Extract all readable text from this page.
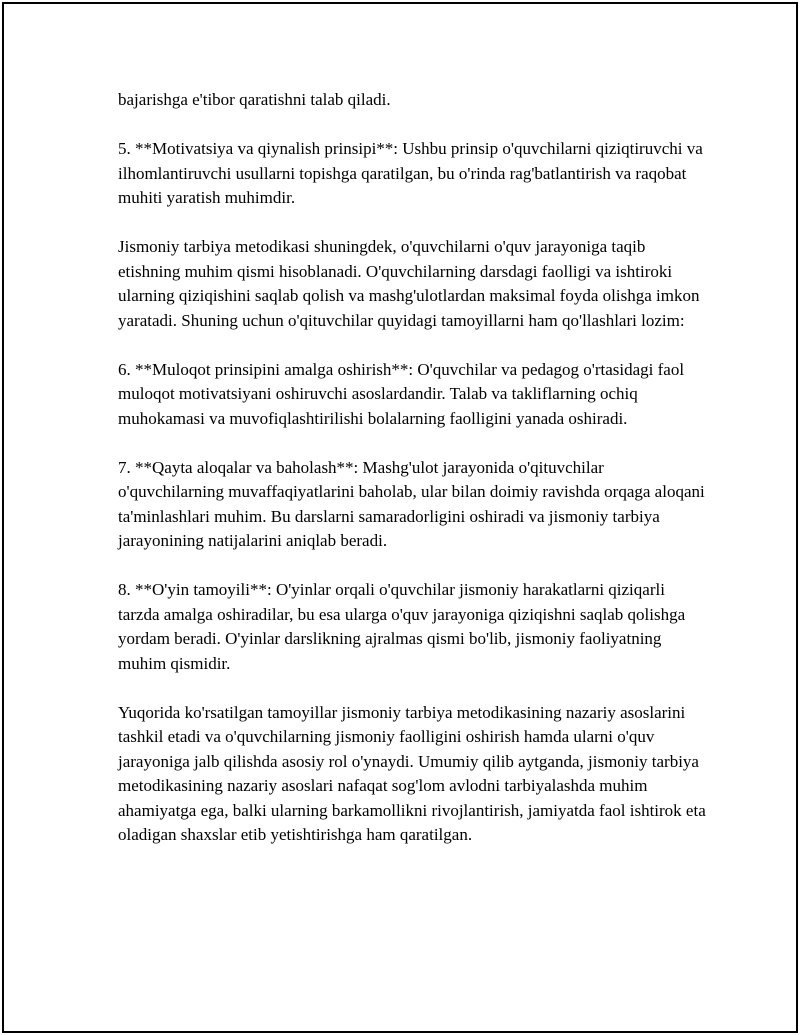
bajarishga e'tibor qaratishni talab qiladi.

5. **Motivatsiya va qiynalish prinsipi**: Ushbu prinsip o'quvchilarni qiziqtiruvchi va ilhomlantiruvchi usullarni topishga qaratilgan, bu o'rinda rag'batlantirish va raqobat muhiti yaratish muhimdir.

Jismoniy tarbiya metodikasi shuningdek, o'quvchilarni o'quv jarayoniga taqib etishning muhim qismi hisoblanadi. O'quvchilarning darsdagi faolligi va ishtiroki ularning qiziqishini saqlab qolish va mashg'ulotlardan maksimal foyda olishga imkon yaratadi. Shuning uchun o'qituvchilar quyidagi tamoyillarni ham qo'llashlari lozim:

6. **Muloqot prinsipini amalga oshirish**: O'quvchilar va pedagog o'rtasidagi faol muloqot motivatsiyani oshiruvchi asoslardandir. Talab va takliflarning ochiq muhokamasi va muvofiqlashtirilishi bolalarning faolligini yanada oshiradi.

7. **Qayta aloqalar va baholash**: Mashg'ulot jarayonida o'qituvchilar o'quvchilarning muvaffaqiyatlarini baholab, ular bilan doimiy ravishda orqaga aloqani ta'minlashlari muhim. Bu darslarni samaradorligini oshiradi va jismoniy tarbiya jarayonining natijalarini aniqlab beradi.

8. **O'yin tamoyili**: O'yinlar orqali o'quvchilar jismoniy harakatlarni qiziqarli tarzda amalga oshiradilar, bu esa ularga o'quv jarayoniga qiziqishni saqlab qolishga yordam beradi. O'yinlar darslikning ajralmas qismi bo'lib, jismoniy faoliyatning muhim qismidir.

Yuqorida ko'rsatilgan tamoyillar jismoniy tarbiya metodikasining nazariy asoslarini tashkil etadi va o'quvchilarning jismoniy faolligini oshirish hamda ularni o'quv jarayoniga jalb qilishda asosiy rol o'ynaydi. Umumiy qilib aytganda, jismoniy tarbiya metodikasining nazariy asoslari nafaqat sog'lom avlodni tarbiyalashda muhim ahamiyatga ega, balki ularning barkamollikni rivojlantirish, jamiyatda faol ishtirok eta oladigan shaxslar etib yetishtirishga ham qaratilgan.
